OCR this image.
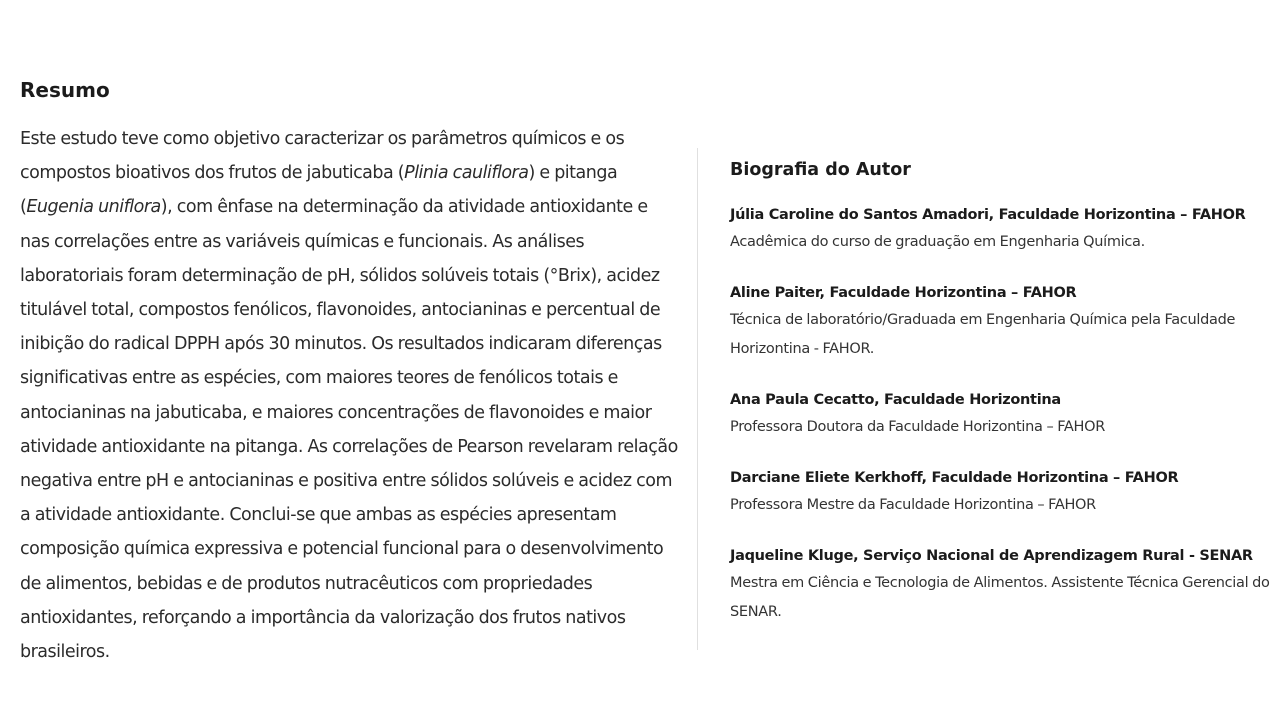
Resumo

Este estudo teve como objetivo caracterizar os parâmetros químicos e os compostos bioativos dos frutos de jabuticaba (Plinia cauliflora) e pitanga (Eugenia uniflora), com ênfase na determinação da atividade antioxidante e nas correlações entre as variáveis químicas e funcionais. As análises laboratoriais foram determinação de pH, sólidos solúveis totais (°Brix), acidez titulável total, compostos fenólicos, flavonoides, antocianinas e percentual de inibição do radical DPPH após 30 minutos. Os resultados indicaram diferenças significativas entre as espécies, com maiores teores de fenólicos totais e antocianinas na jabuticaba, e maiores concentrações de flavonoides e maior atividade antioxidante na pitanga. As correlações de Pearson revelaram relação negativa entre pH e antocianinas e positiva entre sólidos solúveis e acidez com a atividade antioxidante. Conclui-se que ambas as espécies apresentam composição química expressiva e potencial funcional para o desenvolvimento de alimentos, bebidas e de produtos nutracêuticos com propriedades antioxidantes, reforçando a importância da valorização dos frutos nativos brasileiros.

Biografia do Autor
Júlia Caroline do Santos Amadori, Faculdade Horizontina – FAHOR
Acadêmica do curso de graduação em Engenharia Química.
Aline Paiter, Faculdade Horizontina – FAHOR
Técnica de laboratório/Graduada em Engenharia Química pela Faculdade Horizontina - FAHOR.
Ana Paula Cecatto, Faculdade Horizontina
Professora Doutora da Faculdade Horizontina – FAHOR
Darciane Eliete Kerkhoff, Faculdade Horizontina – FAHOR
Professora Mestre da Faculdade Horizontina – FAHOR
Jaqueline Kluge, Serviço Nacional de Aprendizagem Rural - SENAR
Mestra em Ciência e Tecnologia de Alimentos. Assistente Técnica Gerencial do SENAR.
